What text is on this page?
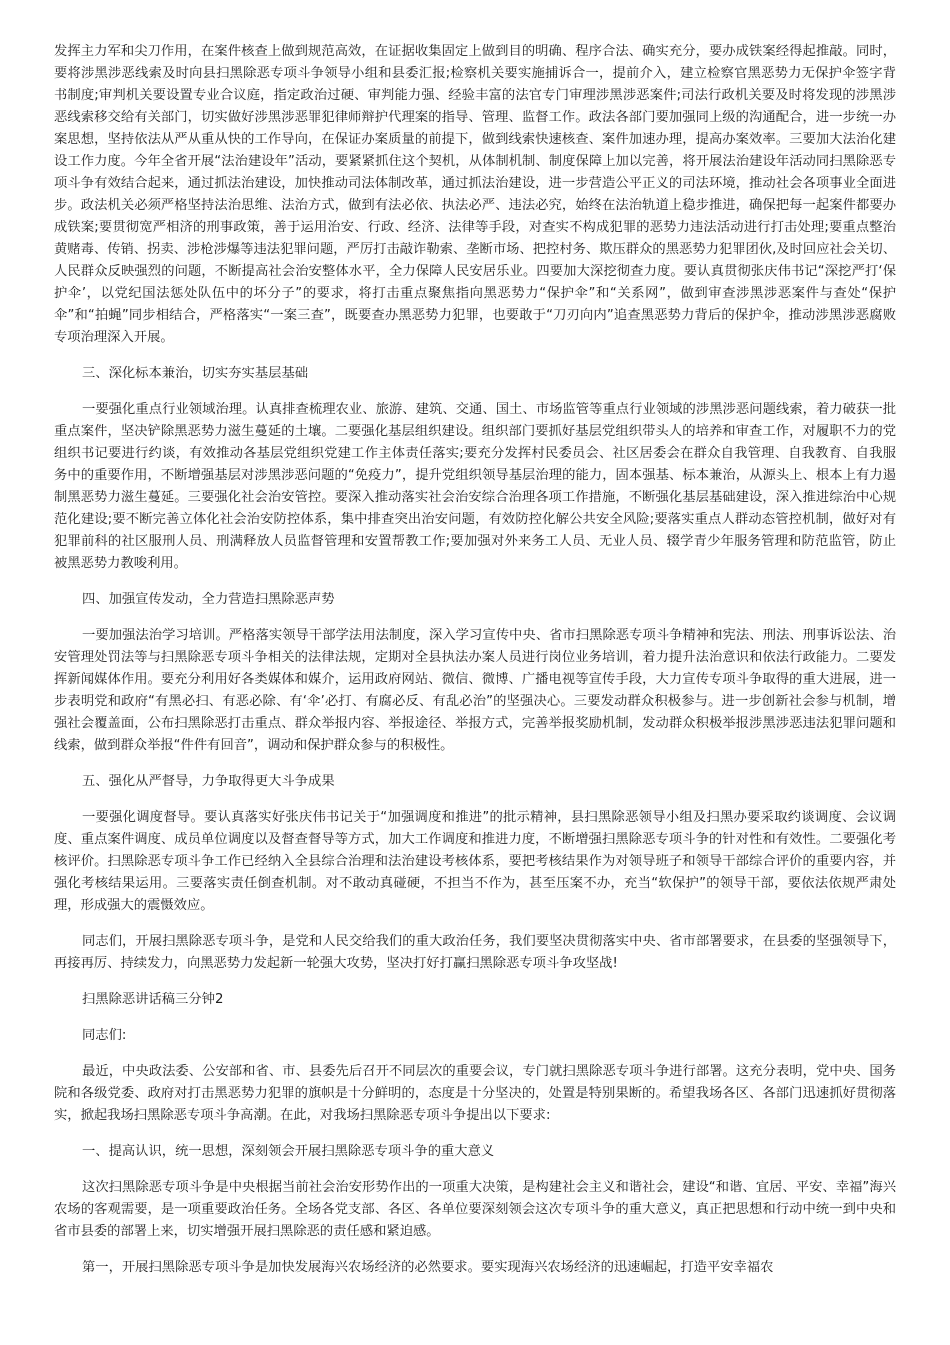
发挥主力军和尖刀作用，在案件核查上做到规范高效，在证据收集固定上做到目的明确、程序合法、确实充分，要办成铁案经得起推敲。同时，要将涉黑涉恶线索及时向县扫黑除恶专项斗争领导小组和县委汇报;检察机关要实施捕诉合一，提前介入，建立检察官黑恶势力无保护伞签字背书制度;审判机关要设置专业合议庭，指定政治过硬、审判能力强、经验丰富的法官专门审理涉黑涉恶案件;司法行政机关要及时将发现的涉黑涉恶线索移交给有关部门，切实做好涉黑涉恶罪犯律师辩护代理案的指导、管理、监督工作。政法各部门要加强同上级的沟通配合，进一步统一办案思想，坚持依法从严从重从快的工作导向，在保证办案质量的前提下，做到线索快速核查、案件加速办理，提高办案效率。三要加大法治化建设工作力度。今年全省开展“法治建设年”活动，要紧紧抓住这个契机，从体制机制、制度保障上加以完善，将开展法治建设年活动同扫黑除恶专项斗争有效结合起来，通过抓法治建设，加快推动司法体制改革，通过抓法治建设，进一步营造公平正义的司法环境，推动社会各项事业全面进步。政法机关必须严格坚持法治思维、法治方式，做到有法必依、执法必严、违法必究，始终在法治轨道上稳步推进，确保把每一起案件都要办成铁案;要贯彻宽严相济的刑事政策，善于运用治安、行政、经济、法律等手段，对查实不构成犯罪的恶势力违法活动进行打击处理;要重点整治黄赌毒、传销、拐卖、涉枪涉爆等违法犯罪问题，严厉打击敲诈勒索、垄断市场、把控村务、欺压群众的黑恶势力犯罪团伙,及时回应社会关切、人民群众反映强烈的问题，不断提高社会治安整体水平，全力保障人民安居乐业。四要加大深挖彻查力度。要认真贯彻张庆伟书记“深挖严打‘保护伞’，以党纪国法惩处队伍中的坏分子”的要求，将打击重点聚焦指向黑恶势力“保护伞”和“关系网”，做到审查涉黑涉恶案件与查处“保护伞”和“拍蝇”同步相结合，严格落实“一案三查”，既要查办黑恶势力犯罪，也要敢于“刀刃向内”追查黑恶势力背后的保护伞，推动涉黑涉恶腐败专项治理深入开展。

三、深化标本兼治，切实夯实基层基础

一要强化重点行业领域治理。认真排查梳理农业、旅游、建筑、交通、国土、市场监管等重点行业领域的涉黑涉恶问题线索，着力破获一批重点案件，坚决铲除黑恶势力滋生蔓延的土壤。二要强化基层组织建设。组织部门要抓好基层党组织带头人的培养和审查工作，对履职不力的党组织书记要进行约谈，有效推动各基层党组织党建工作主体责任落实;要充分发挥村民委员会、社区居委会在群众自我管理、自我教育、自我服务中的重要作用，不断增强基层对涉黑涉恶问题的“免疫力”，提升党组织领导基层治理的能力，固本强基、标本兼治，从源头上、根本上有力遏制黑恶势力滋生蔓延。三要强化社会治安管控。要深入推动落实社会治安综合治理各项工作措施，不断强化基层基础建设，深入推进综治中心规范化建设;要不断完善立体化社会治安防控体系，集中排查突出治安问题，有效防控化解公共安全风险;要落实重点人群动态管控机制，做好对有犯罪前科的社区服刑人员、刑满释放人员监督管理和安置帮教工作;要加强对外来务工人员、无业人员、辍学青少年服务管理和防范监管，防止被黑恶势力教唆利用。

四、加强宣传发动，全力营造扫黑除恶声势

一要加强法治学习培训。严格落实领导干部学法用法制度，深入学习宣传中央、省市扫黑除恶专项斗争精神和宪法、刑法、刑事诉讼法、治安管理处罚法等与扫黑除恶专项斗争相关的法律法规，定期对全县执法办案人员进行岗位业务培训，着力提升法治意识和依法行政能力。二要发挥新闻媒体作用。要充分利用好各类媒体和媒介，运用政府网站、微信、微博、广播电视等宣传手段，大力宣传专项斗争取得的重大进展，进一步表明党和政府“有黑必扫、有恶必除、有‘伞’必打、有腐必反、有乱必治”的坚强决心。三要发动群众积极参与。进一步创新社会参与机制，增强社会覆盖面，公布扫黑除恶打击重点、群众举报内容、举报途径、举报方式，完善举报奖励机制，发动群众积极举报涉黑涉恶违法犯罪问题和线索，做到群众举报“件件有回音”，调动和保护群众参与的积极性。

五、强化从严督导，力争取得更大斗争成果

一要强化调度督导。要认真落实好张庆伟书记关于“加强调度和推进”的批示精神，县扫黑除恶领导小组及扫黑办要采取约谈调度、会议调度、重点案件调度、成员单位调度以及督查督导等方式，加大工作调度和推进力度，不断增强扫黑除恶专项斗争的针对性和有效性。二要强化考核评价。扫黑除恶专项斗争工作已经纳入全县综合治理和法治建设考核体系，要把考核结果作为对领导班子和领导干部综合评价的重要内容，并强化考核结果运用。三要落实责任倒查机制。对不敢动真碰硬，不担当不作为，甚至压案不办，充当“软保护”的领导干部，要依法依规严肃处理，形成强大的震慑效应。

同志们，开展扫黑除恶专项斗争，是党和人民交给我们的重大政治任务，我们要坚决贯彻落实中央、省市部署要求，在县委的坚强领导下，再接再厉、持续发力，向黑恶势力发起新一轮强大攻势，坚决打好打赢扫黑除恶专项斗争攻坚战!

扫黑除恶讲话稿三分钟2

同志们:

最近，中央政法委、公安部和省、市、县委先后召开不同层次的重要会议，专门就扫黑除恶专项斗争进行部署。这充分表明，党中央、国务院和各级党委、政府对打击黑恶势力犯罪的旗帜是十分鲜明的，态度是十分坚决的，处置是特别果断的。希望我场各区、各部门迅速抓好贯彻落实，掀起我场扫黑除恶专项斗争高潮。在此，对我场扫黑除恶专项斗争提出以下要求:

一、提高认识，统一思想，深刻领会开展扫黑除恶专项斗争的重大意义

这次扫黑除恶专项斗争是中央根据当前社会治安形势作出的一项重大决策，是构建社会主义和谐社会，建设“和谐、宜居、平安、幸福”海兴农场的客观需要，是一项重要政治任务。全场各党支部、各区、各单位要深刻领会这次专项斗争的重大意义，真正把思想和行动中统一到中央和省市县委的部署上来，切实增强开展扫黑除恶的责任感和紧迫感。

第一，开展扫黑除恶专项斗争是加快发展海兴农场经济的必然要求。要实现海兴农场经济的迅速崛起，打造平安幸福农
